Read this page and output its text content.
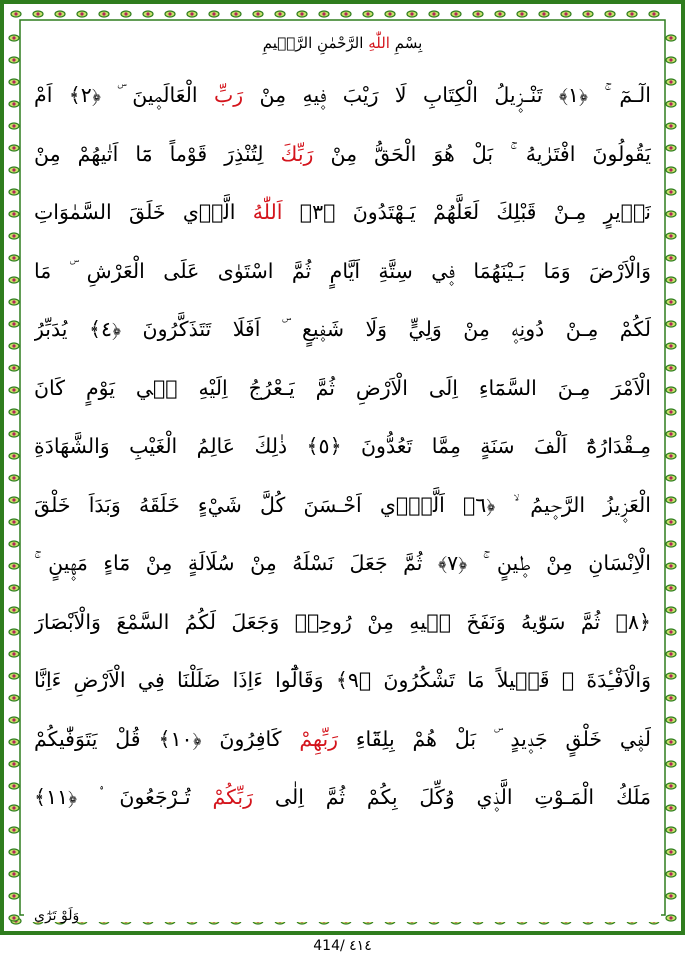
بِسْمِ اللّٰهِ الرَّحْمٰنِ الرَّح۪يمِ
الٓـمٓ ۚ ﴿١﴾ تَنْـز۪يلُ الْكِتَابِ لَا رَيْبَ ف۪يهِ مِنْ رَبِّ الْعَالَم۪ينَ ۜ ﴿٢﴾ اَمْ
يَقُولُونَ افْتَرٰيهُ ۚ بَلْ هُوَ الْحَقُّ مِنْ رَبِّكَ لِتُنْذِرَ قَوْماً مَٓا اَتٰيهُمْ مِنْ
نَذ۪يرٍ مِـنْ قَبْلِكَ لَعَلَّهُمْ يَـهْتَدُونَ ﴿٣﴾ اَللّٰهُ الَّذ۪ي خَلَقَ السَّمٰوَاتِ
وَالْاَرْضَ وَمَا بَـيْنَهُمَا ف۪ي سِتَّةِ اَيَّامٍ ثُمَّ اسْتَوٰى عَلَى الْعَرْشِ ۜ مَا
لَكُمْ مِـنْ دُونِه۪ مِنْ وَلِيٍّ وَلَا شَف۪يعٍ ۜ اَفَلَا تَتَذَكَّرُونَ ﴿٤﴾ يُدَبِّرُ
الْاَمْرَ مِـنَ السَّمَٓاءِ اِلَى الْاَرْضِ ثُمَّ يَـعْرُجُ اِلَيْهِ ف۪ي يَوْمٍ كَانَ
مِـقْدَارُهُٓ اَلْفَ سَنَةٍ مِمَّا تَعُدُّونَ ﴿٥﴾ ذٰلِكَ عَالِمُ الْغَيْبِ وَالشَّهَادَةِ
الْعَز۪يزُ الرَّح۪يمُ ۙ ﴿٦﴾ اَلَّذ۪ٓي اَحْـسَنَ كُلَّ شَيْءٍ خَلَقَهُ وَبَدَاَ خَلْقَ
الْاِنْسَانِ مِنْ ط۪ينٍ ۚ ﴿٧﴾ ثُمَّ جَعَلَ نَسْلَهُ مِنْ سُلَالَةٍ مِنْ مَٓاءٍ مَه۪ينٍ ۚ
﴿٨﴾ ثُمَّ سَوّٰيهُ وَنَفَخَ ف۪يهِ مِنْ رُوحِه۪ وَجَعَلَ لَكُمُ السَّمْعَ وَالْاَبْصَارَ
وَالْاَفْـِٔدَةَ ۜ قَل۪يلاً مَا تَشْكُرُونَ ﴿٩﴾ وَقَالُٓوا ءَاِذَا ضَلَلْنَا فِي الْاَرْضِ ءَاِنَّا
لَف۪ي خَلْقٍ جَد۪يدٍ ۜ بَلْ هُمْ بِلِقَٓاءِ رَبِّهِمْ كَافِرُونَ ﴿١٠﴾ قُلْ يَتَوَفّٰيكُمْ
مَلَكُ الْمَـوْتِ الَّذ۪ي وُكِّلَ بِكُمْ ثُمَّ اِلٰى رَبِّكُمْ تُـرْجَعُونَ ۟ ﴿١١﴾
وَلَوْ تَرٰٓى
414/ ٤١٤
